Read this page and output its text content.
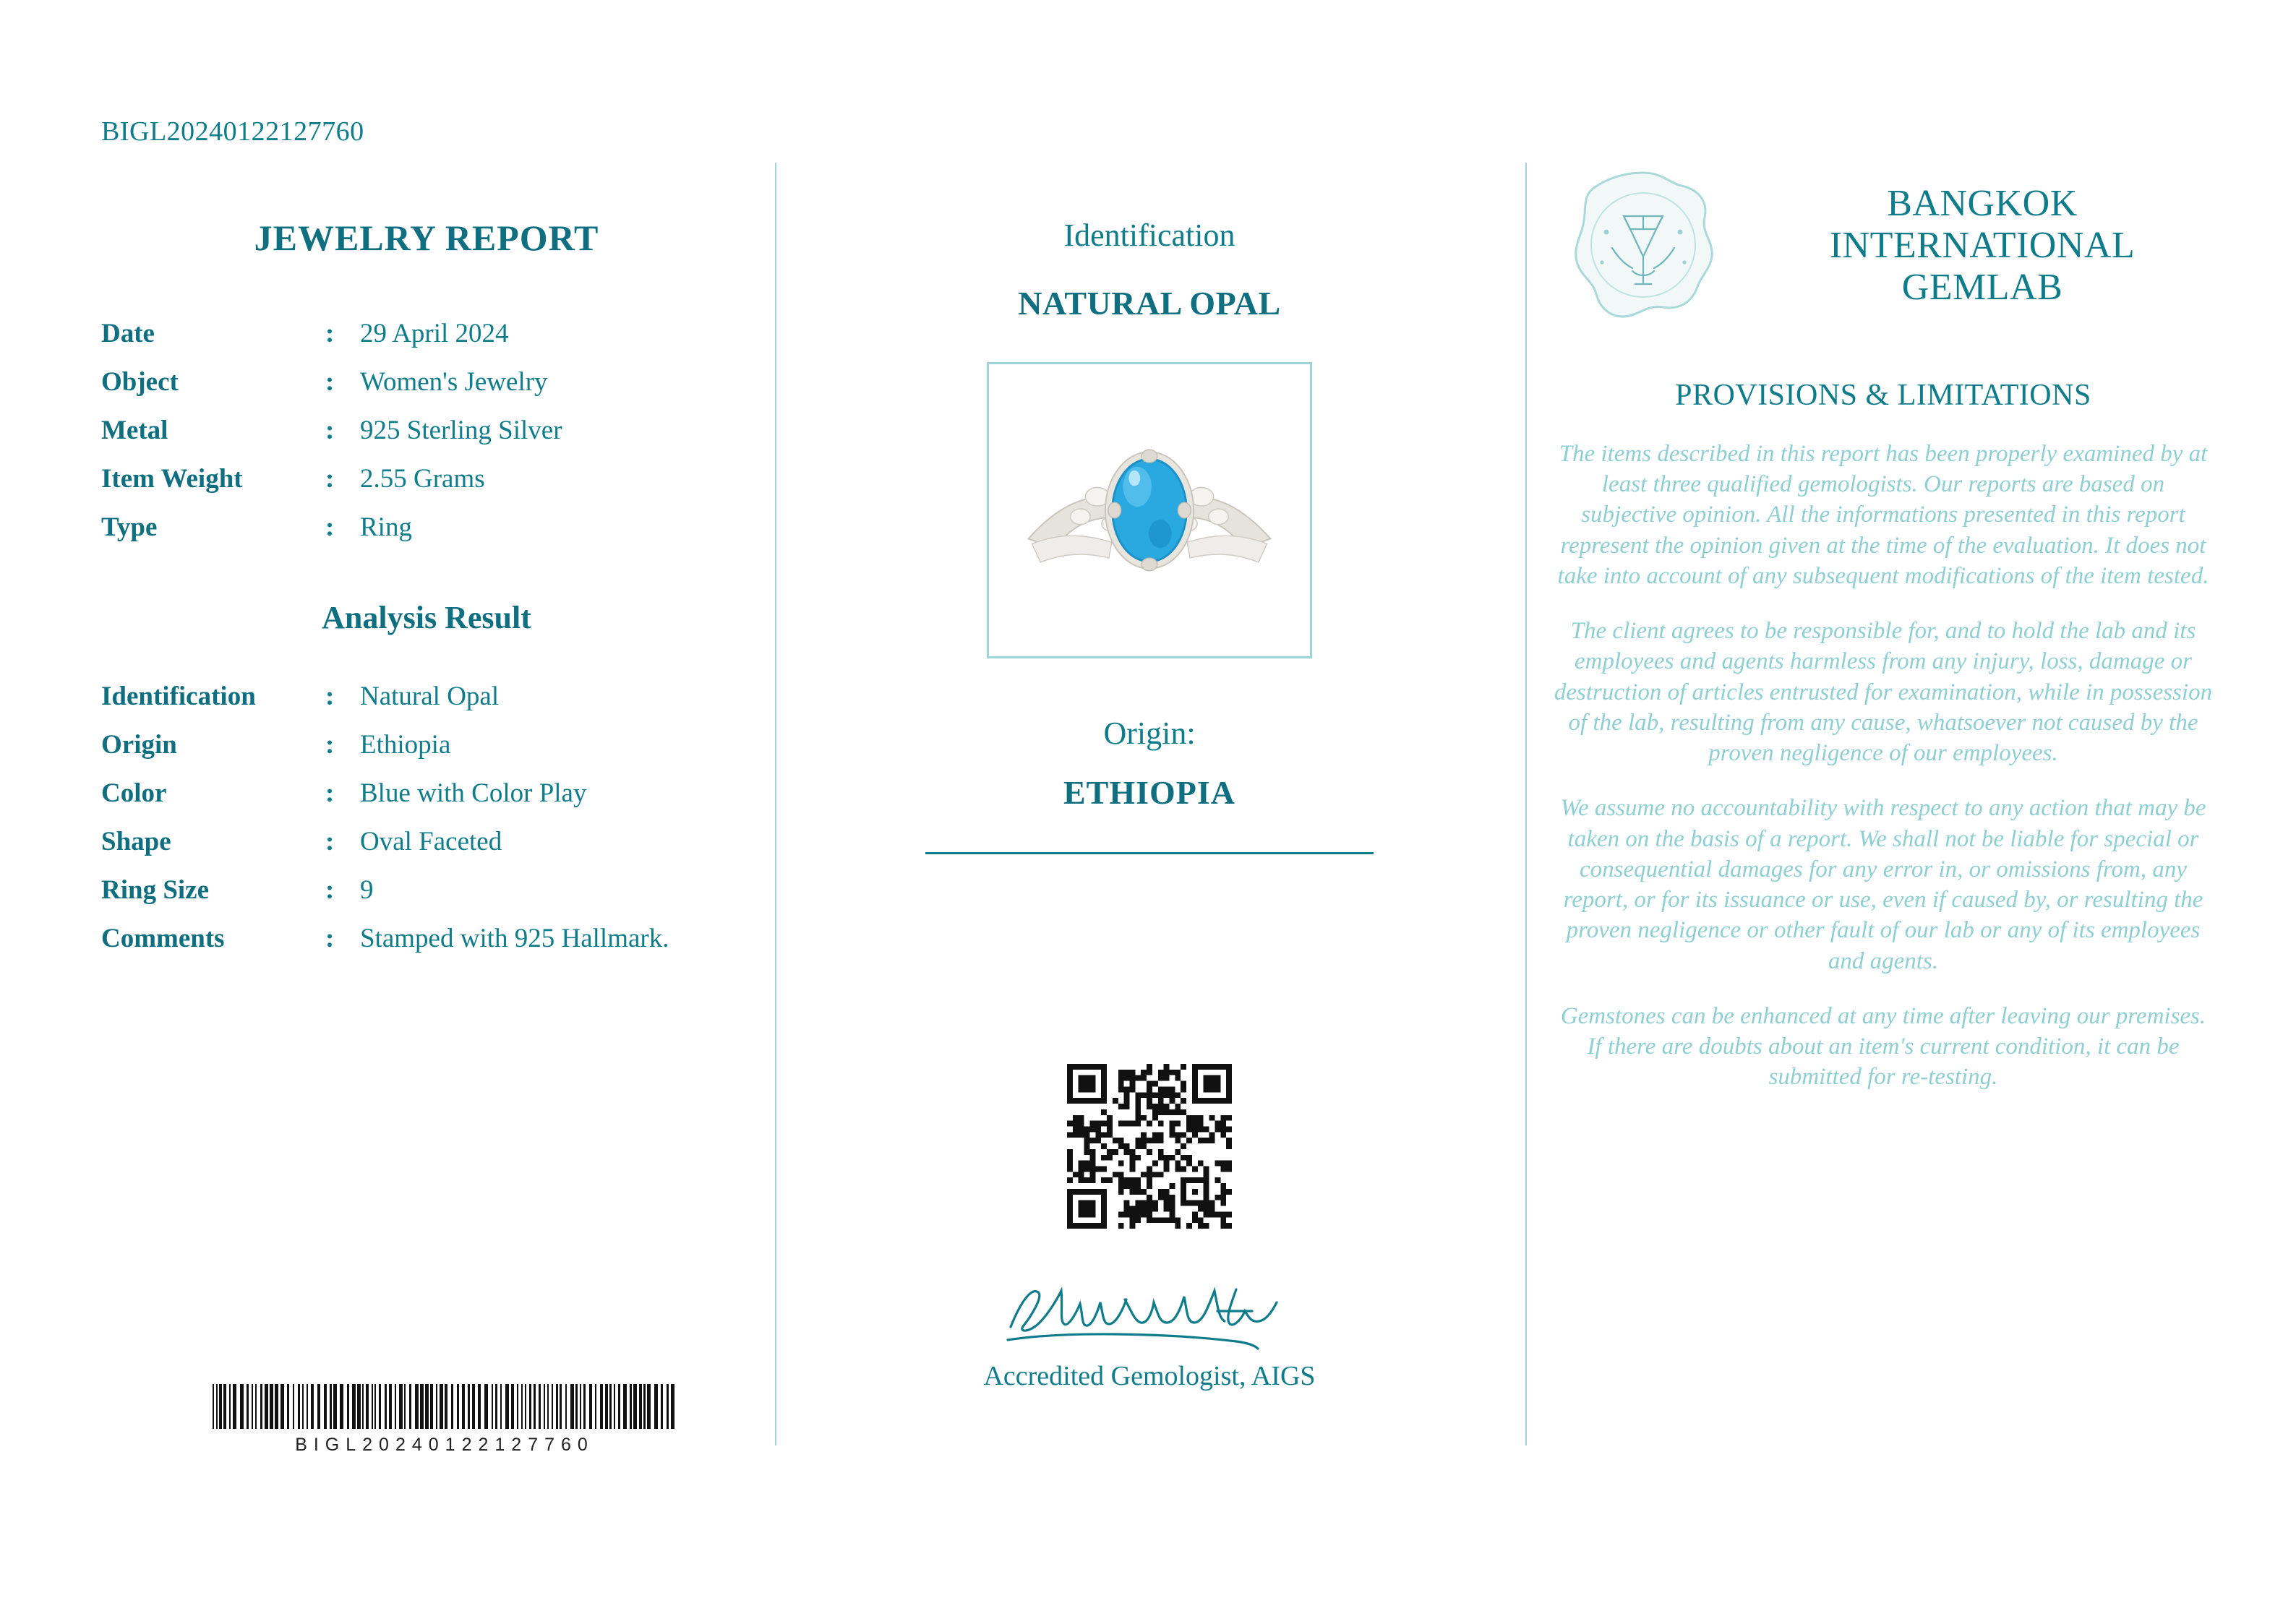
BIGL20240122127760
JEWELRY REPORT
Date	:	29 April 2024
Object	:	Women's Jewelry
Metal	:	925 Sterling Silver
Item Weight	:	2.55 Grams
Type	:	Ring
Analysis Result
Identification	:	Natural Opal
Origin	:	Ethiopia
Color	:	Blue with Color Play
Shape	:	Oval Faceted
Ring Size	:	9
Comments	:	Stamped with 925 Hallmark.
BIGL20240122127760
Identification
NATURAL OPAL
Origin:
ETHIOPIA
Accredited Gemologist, AIGS
BANGKOK INTERNATIONAL GEMLAB
PROVISIONS & LIMITATIONS

The items described in this report has been properly examined by at least three qualified gemologists. Our reports are based on subjective opinion. All the informations presented in this report represent the opinion given at the time of the evaluation. It does not take into account of any subsequent modifications of the item tested.

The client agrees to be responsible for, and to hold the lab and its employees and agents harmless from any injury, loss, damage or destruction of articles entrusted for examination, while in possession of the lab, resulting from any cause, whatsoever not caused by the proven negligence of our employees.

We assume no accountability with respect to any action that may be taken on the basis of a report. We shall not be liable for special or consequential damages for any error in, or omissions from, any report, or for its issuance or use, even if caused by, or resulting the proven negligence or other fault of our lab or any of its employees and agents.

Gemstones can be enhanced at any time after leaving our premises. If there are doubts about an item's current condition, it can be submitted for re-testing.
